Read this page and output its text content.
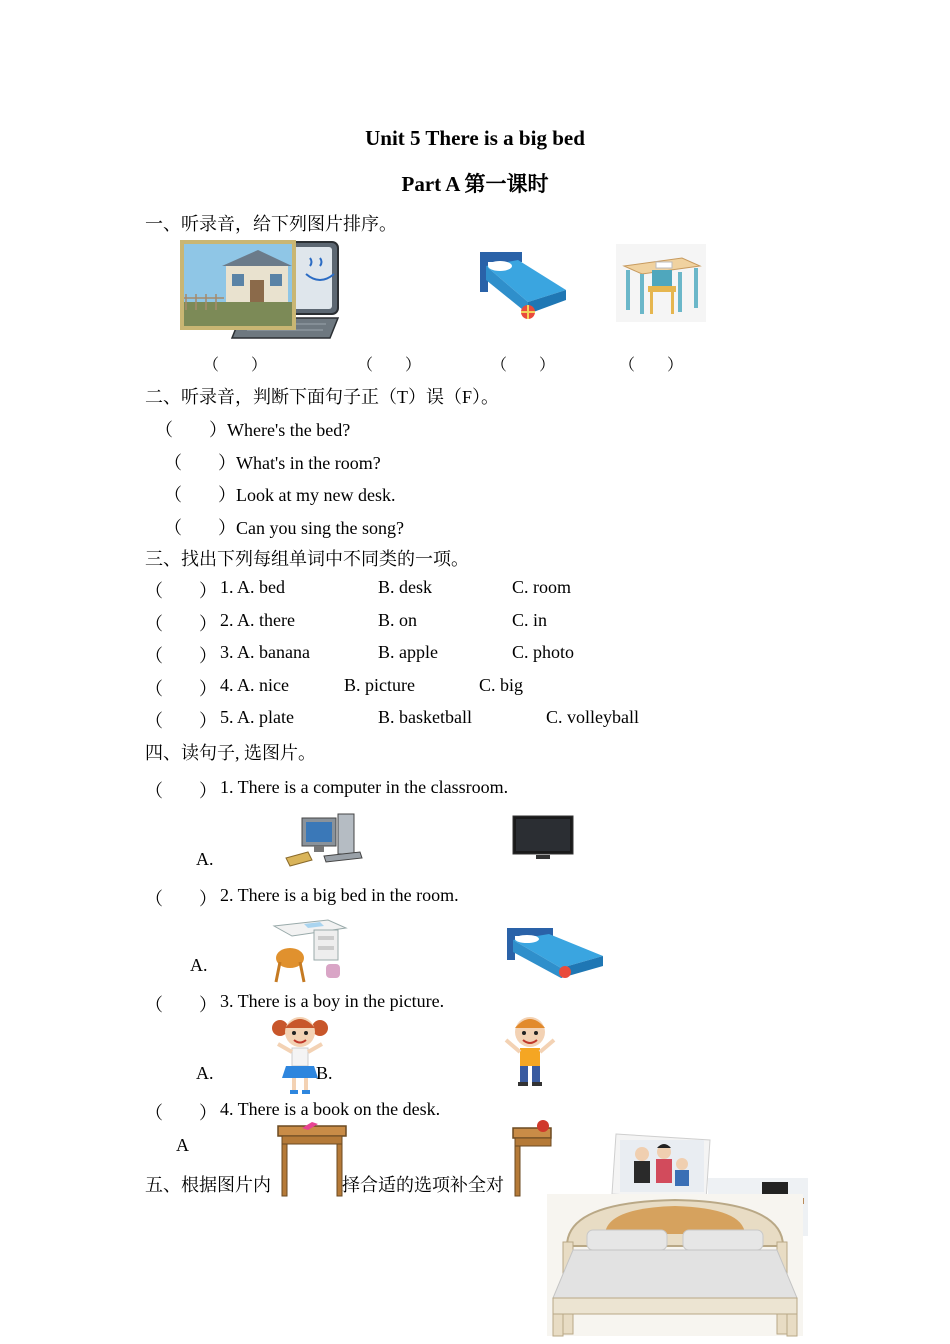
Unit 5 There is a big bed
Part A 第一课时
一、听录音，给下列图片排序。
（　　）	（　　）	（　　）	（　　）
二、听录音，判断下面句子正（T）误（F）。
（　　）Where's the bed?
（　　）What's in the room?
（　　）Look at my new desk.
（　　）Can you sing the song?
三、找出下列每组单词中不同类的一项。
（　　） 1. A. bed	B. desk	C. room
（　　） 2. A. there	B. on	C. in
（　　） 3. A. banana	B. apple	C. photo
（　　） 4. A. nice	B. picture	C. big
（　　） 5. A. plate	B. basketball	C. volleyball
四、读句子, 选图片。
（　　） 1. There is a computer in the classroom.
A.
（　　） 2. There is a big bed in the room.
A.
（　　） 3. There is a boy in the picture.
A.	B.
（　　） 4. There is a book on the desk.
A
五、根据图片内	择合适的选项补全对
